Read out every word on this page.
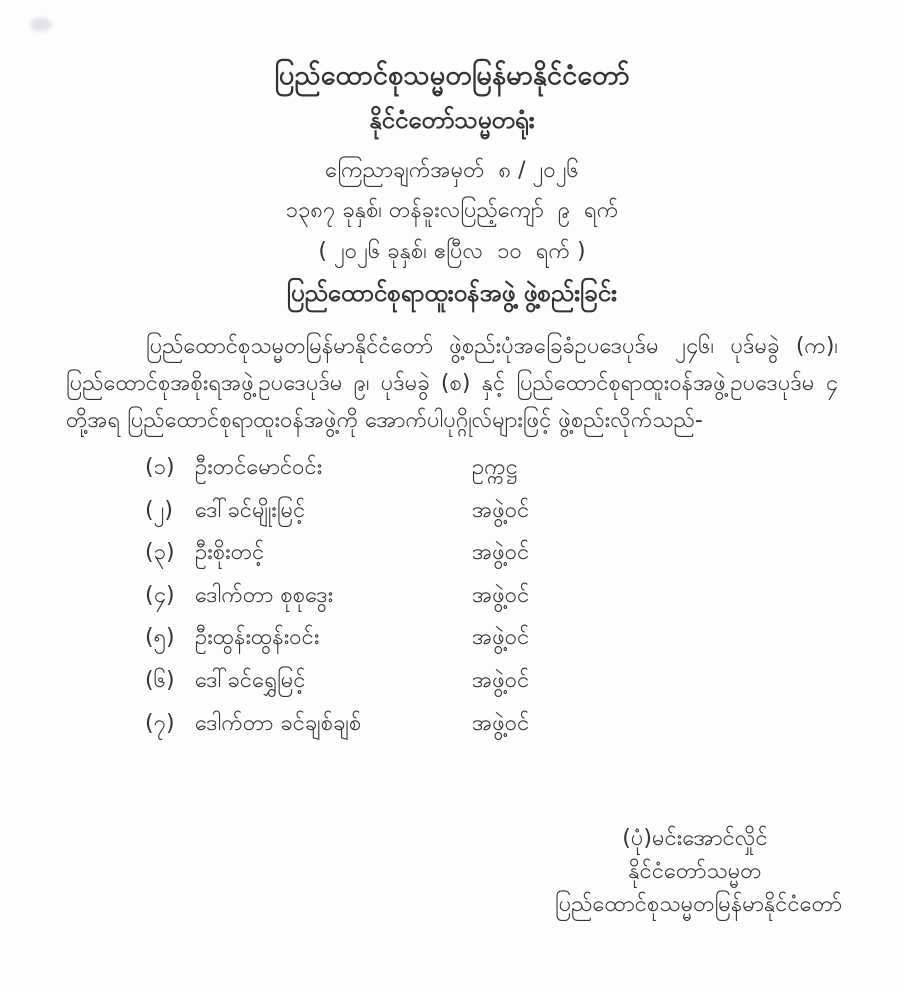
ပြည်ထောင်စုသမ္မတမြန်မာနိုင်ငံတော်
နိုင်ငံတော်သမ္မတရုံး
ကြေညာချက်အမှတ်  ၈ / ၂၀၂၆
၁၃၈၇ ခုနှစ်၊ တန်ခူးလပြည့်ကျော်  ၉  ရက်
( ၂၀၂၆ ခုနှစ်၊ ဧပြီလ  ၁၀  ရက် )
ပြည်ထောင်စုရာထူးဝန်အဖွဲ့ ဖွဲ့စည်းခြင်း
ပြည်ထောင်စုသမ္မတမြန်မာနိုင်ငံတော် ဖွဲ့စည်းပုံအခြေခံဥပဒေပုဒ်မ ၂၄၆၊ ပုဒ်မခွဲ (က)၊ ပြည်ထောင်စုအစိုးရအဖွဲ့ဥပဒေပုဒ်မ ၉၊ ပုဒ်မခွဲ (စ) နှင့် ပြည်ထောင်စုရာထူးဝန်အဖွဲ့ဥပဒေပုဒ်မ ၄ တို့အရ ပြည်ထောင်စုရာထူးဝန်အဖွဲ့ကို အောက်ပါပုဂ္ဂိုလ်များဖြင့် ဖွဲ့စည်းလိုက်သည်-
(၁) ဦးတင်မောင်ဝင်း	ဥက္ကဋ္ဌ
(၂)	ဒေါ်ခင်မျိုးမြင့်	အဖွဲ့ဝင်
(၃) ဦးစိုးတင့်	အဖွဲ့ဝင်
(၄) ဒေါက်တာ စုစုဒွေး	အဖွဲ့ဝင်
(၅) ဦးထွန်းထွန်းဝင်း	အဖွဲ့ဝင်
(၆) ဒေါ်ခင်ရွှေမြင့်	အဖွဲ့ဝင်
(၇) ဒေါက်တာ ခင်ချစ်ချစ်	အဖွဲ့ဝင်
(ပုံ)မင်းအောင်လှိုင်
နိုင်ငံတော်သမ္မတ
ပြည်ထောင်စုသမ္မတမြန်မာနိုင်ငံတော်
